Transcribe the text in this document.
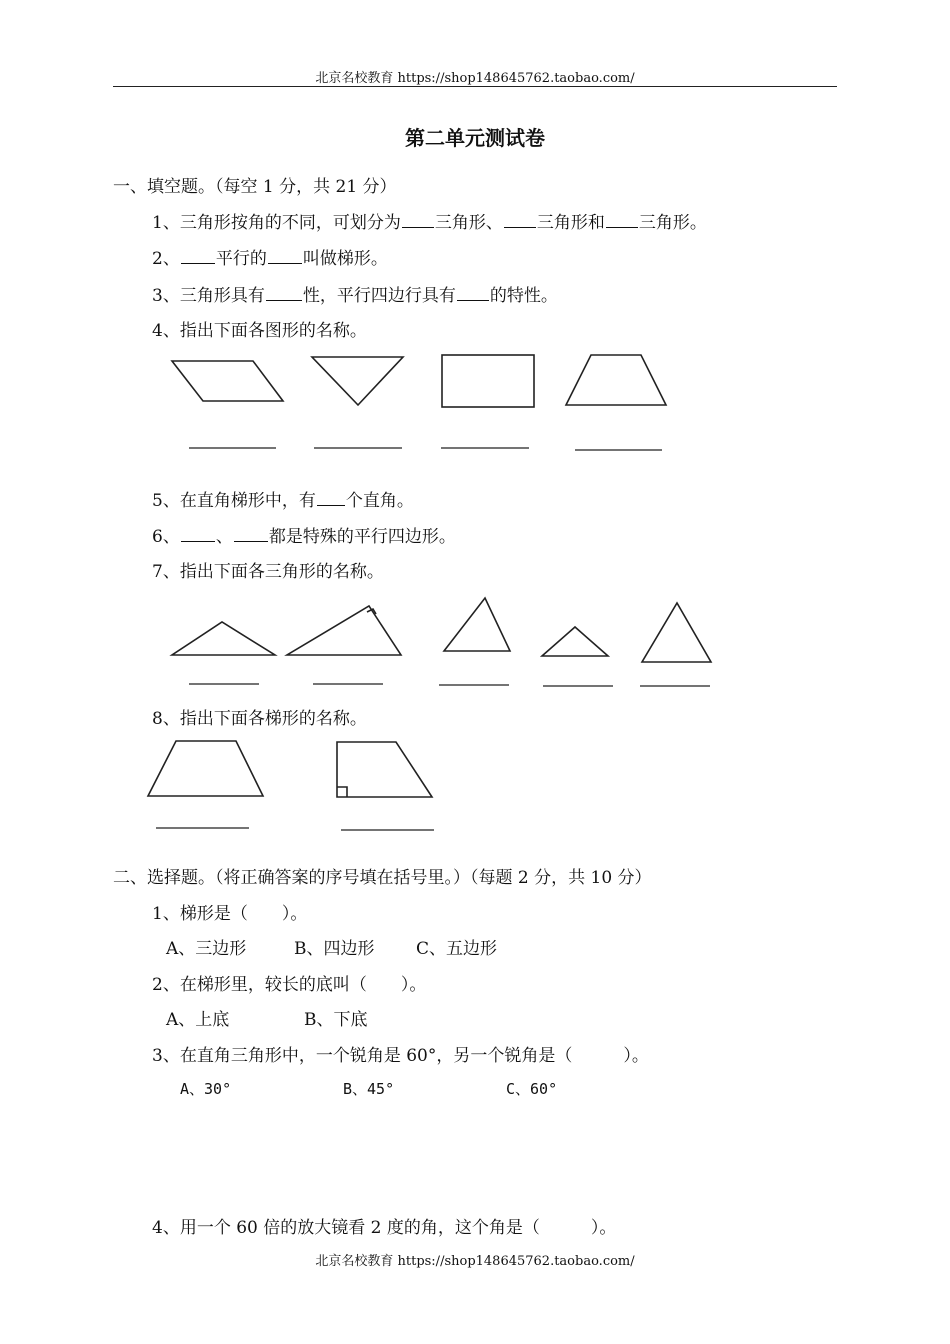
北京名校教育 https://shop148645762.taobao.com/
第二单元测试卷
一、填空题。（每空 1 分，共 21 分）
1、三角形按角的不同，可划分为 三角形、 三角形和 三角形。
2、 平行的 叫做梯形。
3、三角形具有 性，平行四边行具有 的特性。
4、指出下面各图形的名称。
5、在直角梯形中，有 个直角。
6、 、 都是特殊的平行四边形。
7、指出下面各三角形的名称。
8、指出下面各梯形的名称。
二、选择题。（将正确答案的序号填在括号里。）（每题 2 分，共 10 分）
1、梯形是（　　）。
A、三边形	B、四边形 C、五边形
2、在梯形里，较长的底叫（　　）。
A、上底	B、下底
3、在直角三角形中，一个锐角是 60°，另一个锐角是（　　　）。
A、30°	B、45°	C、60°
4、用一个 60 倍的放大镜看 2 度的角，这个角是（　　　）。
北京名校教育 https://shop148645762.taobao.com/
